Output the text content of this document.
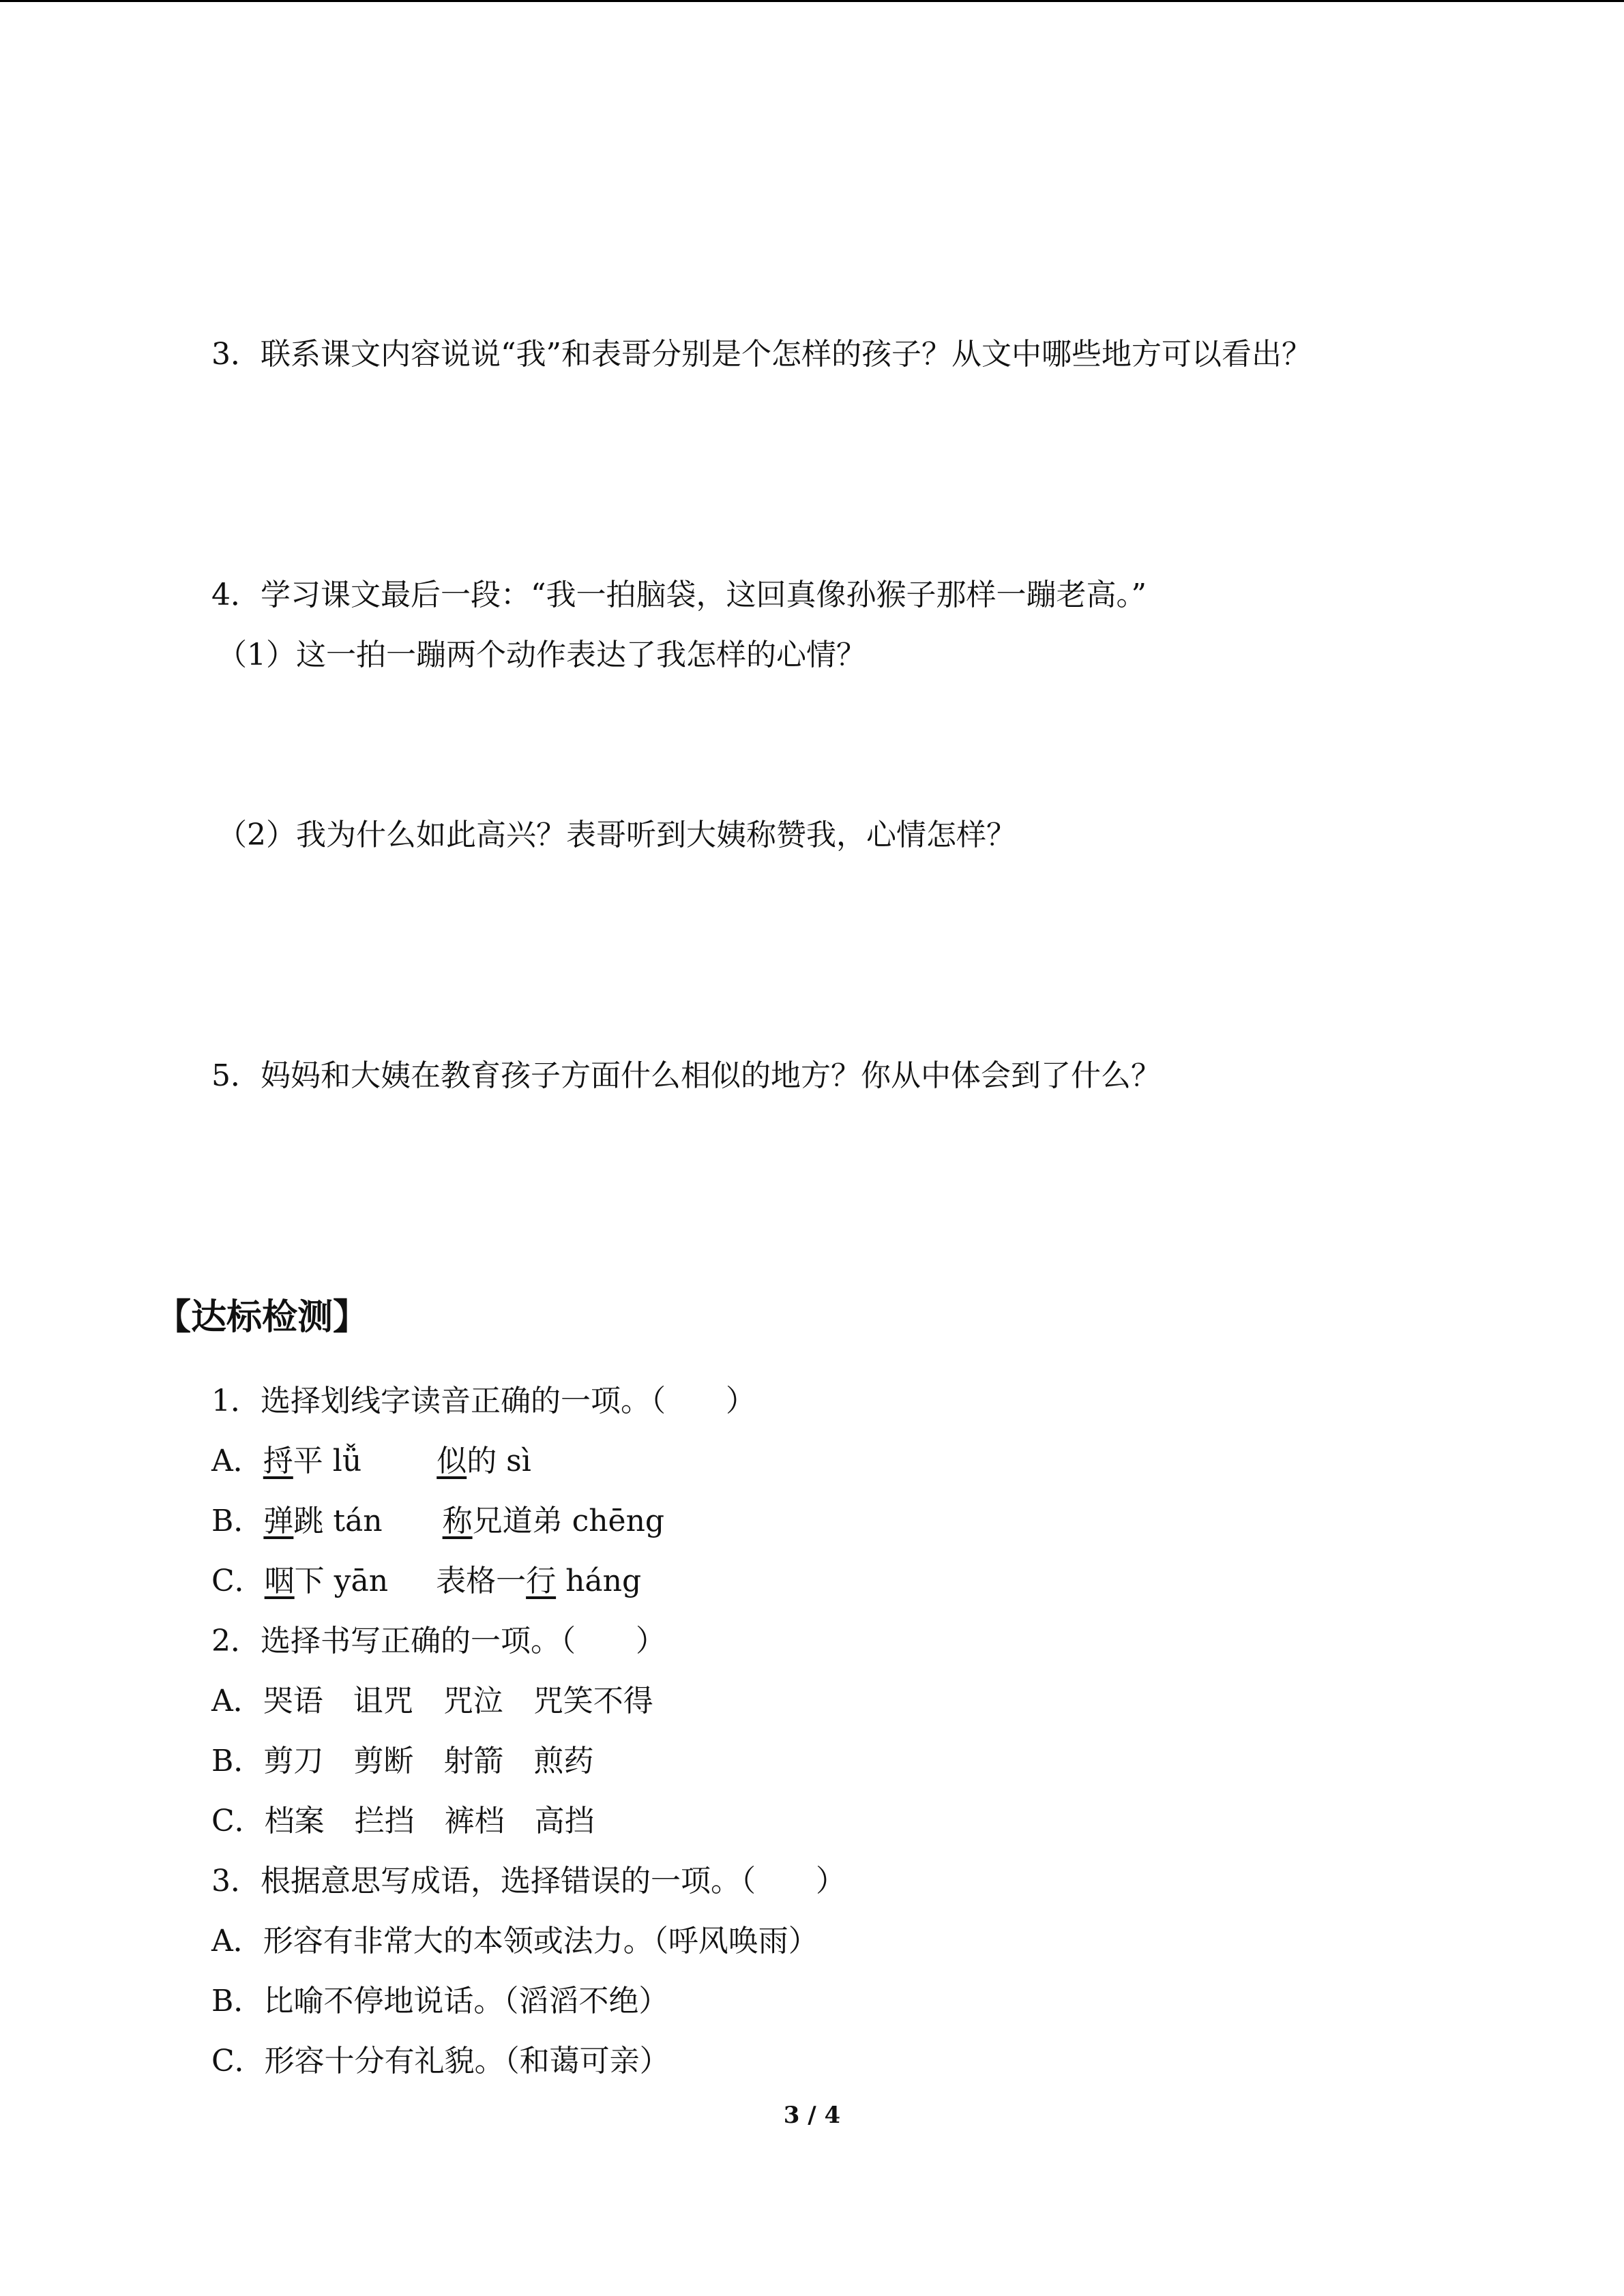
3．联系课文内容说说“我”和表哥分别是个怎样的孩子？从文中哪些地方可以看出？
4．学习课文最后一段：“我一拍脑袋，这回真像孙猴子那样一蹦老高。”
（1）这一拍一蹦两个动作表达了我怎样的心情？
（2）我为什么如此高兴？表哥听到大姨称赞我，心情怎样？
5．妈妈和大姨在教育孩子方面什么相似的地方？你从中体会到了什么？
【达标检测】
1．选择划线字读音正确的一项。（　　）
A．捋平 lǚ	似的 sì
B．弹跳 tán 称兄道弟 chēng
C．咽下 yān 表格一行 háng
2．选择书写正确的一项。（　　）
A．哭语　诅咒　咒泣　咒笑不得
B．剪刀　剪断　射箭　煎药
C．档案　拦挡　裤档　高挡
3．根据意思写成语，选择错误的一项。（　　）
A．形容有非常大的本领或法力。（呼风唤雨）
B．比喻不停地说话。（滔滔不绝）
C．形容十分有礼貌。（和蔼可亲）
3 / 4
